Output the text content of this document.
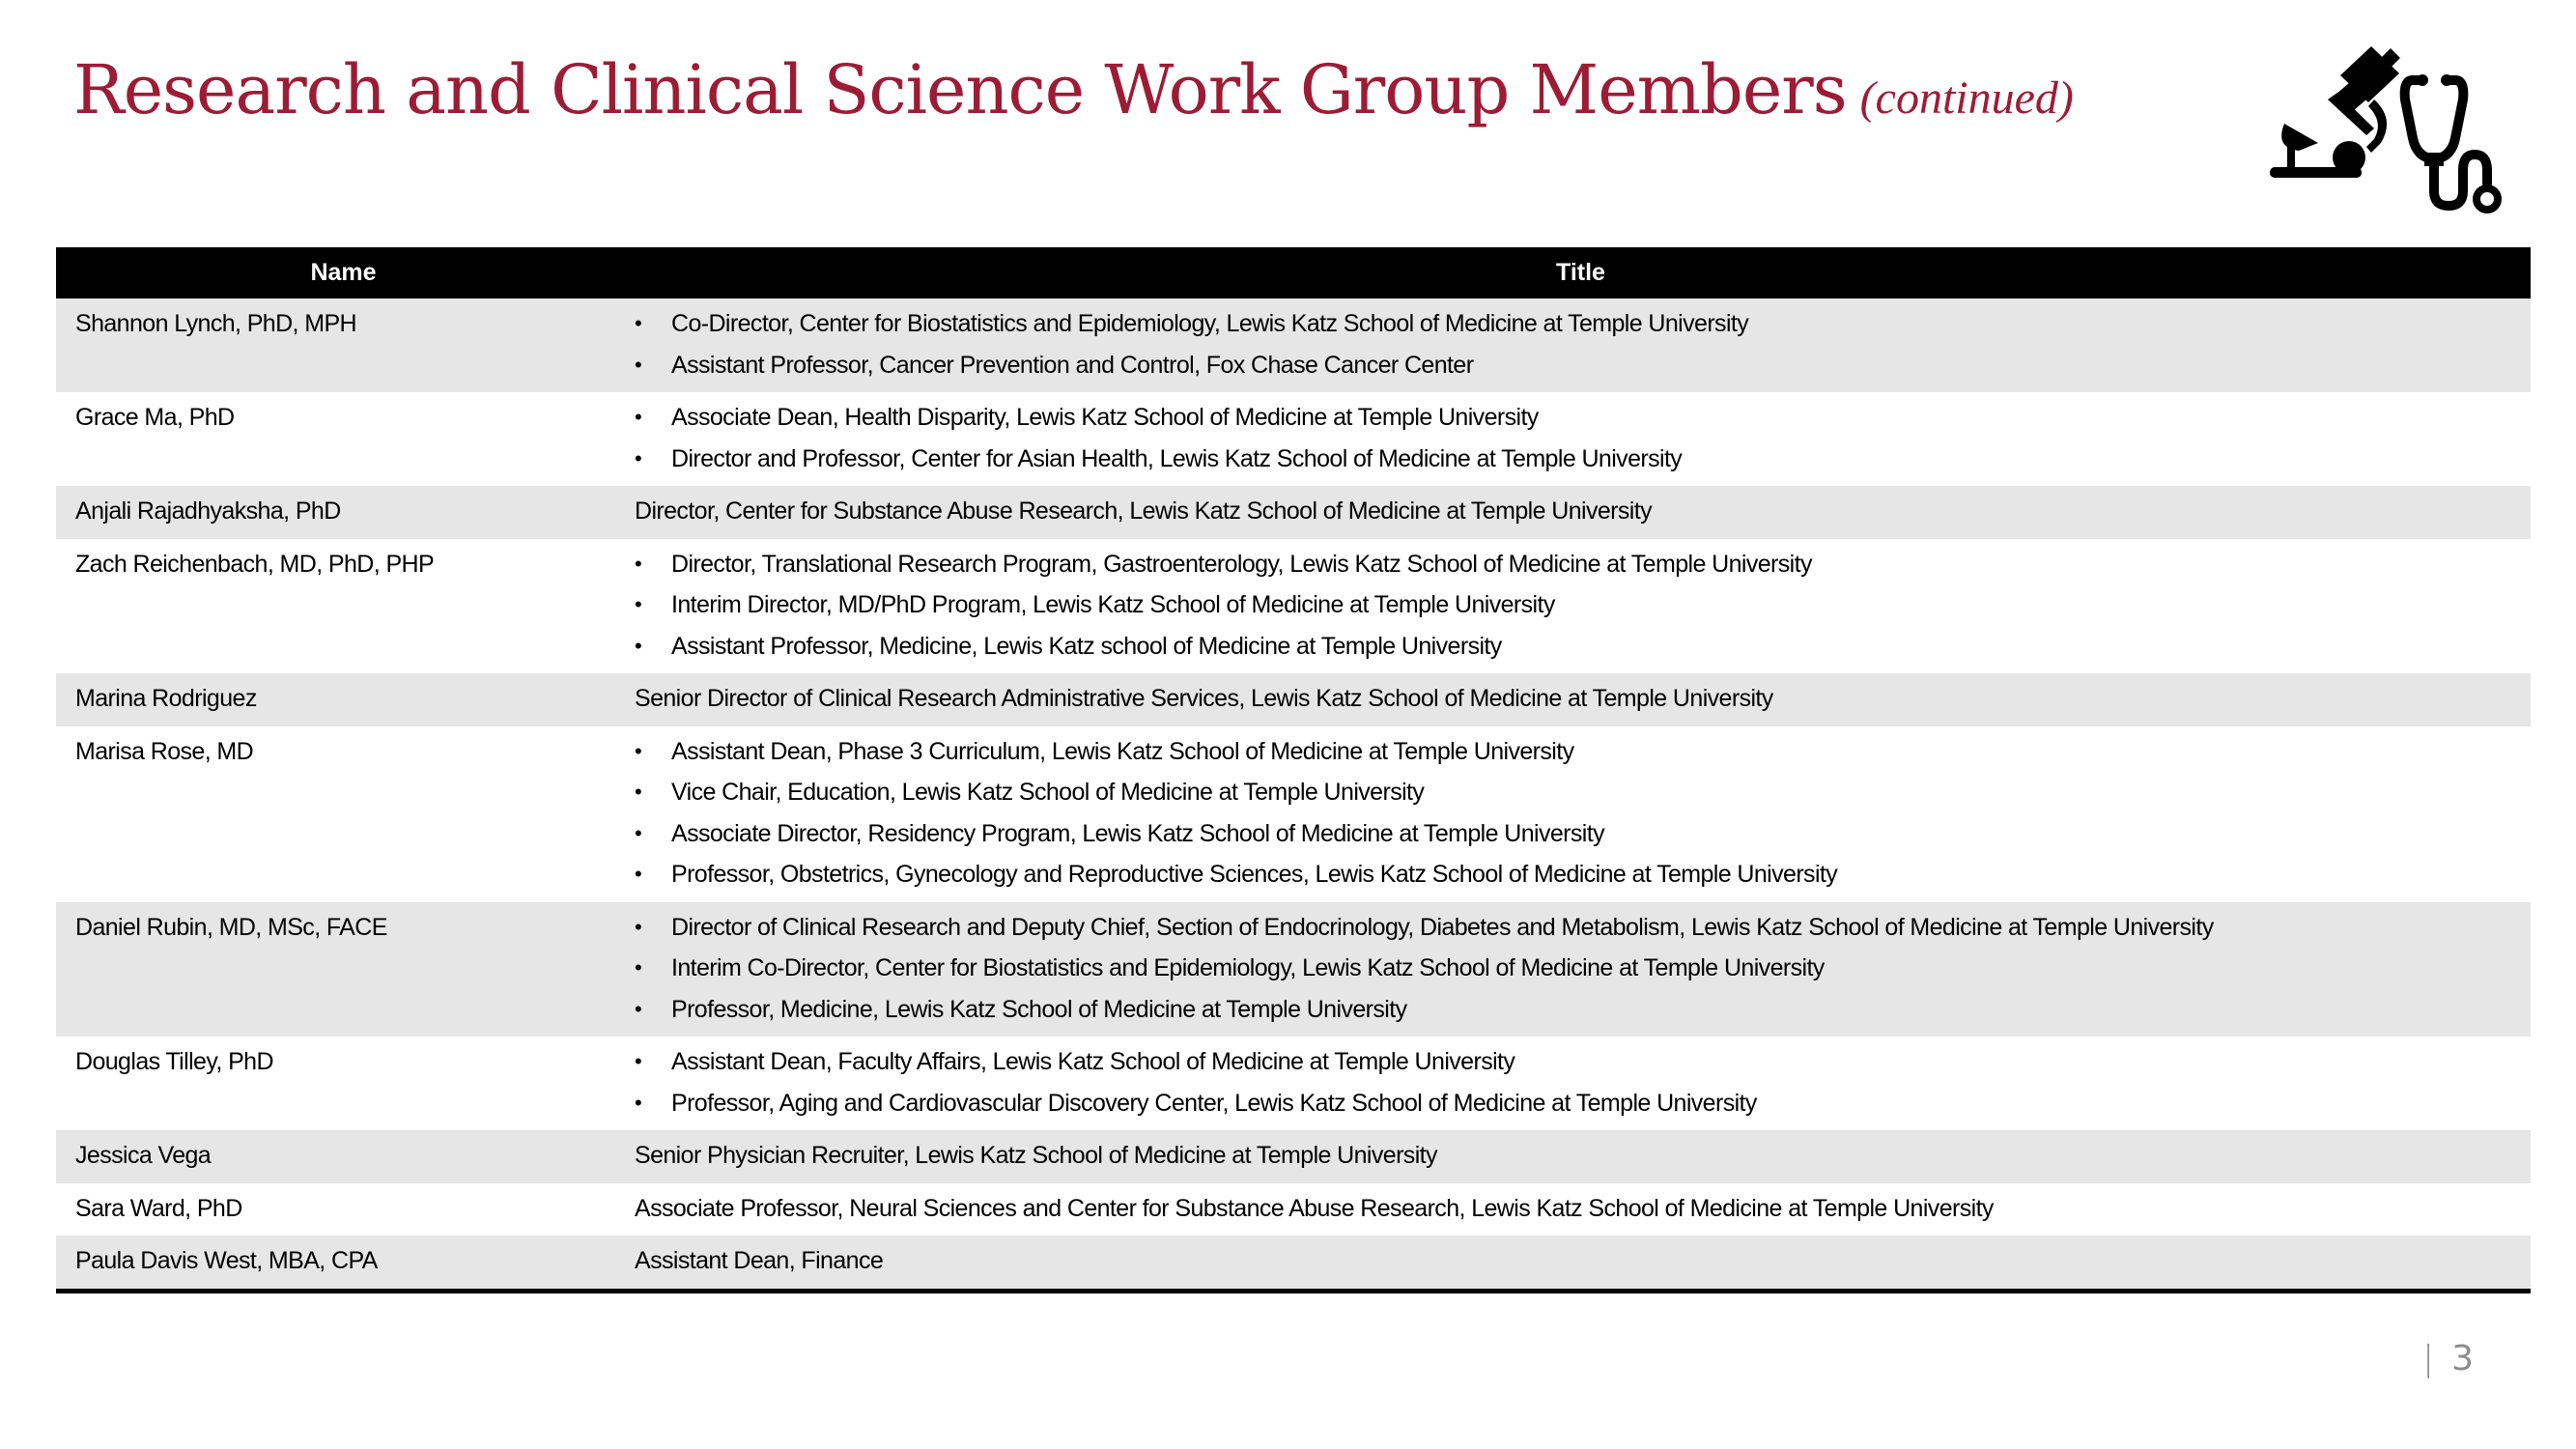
Research and Clinical Science Work Group Members (continued)
Name	Title
Shannon Lynch, PhD, MPH	
•Co-Director, Center for Biostatistics and Epidemiology, Lewis Katz School of Medicine at Temple University
• Assistant Professor, Cancer Prevention and Control, Fox Chase Cancer Center

Grace Ma, PhD	
•Associate Dean, Health Disparity, Lewis Katz School of Medicine at Temple University
• Director and Professor, Center for Asian Health, Lewis Katz School of Medicine at Temple University

Anjali Rajadhyaksha, PhD	Director, Center for Substance Abuse Research, Lewis Katz School of Medicine at Temple University
Zach Reichenbach, MD, PhD, PHP	
•Director, Translational Research Program, Gastroenterology, Lewis Katz School of Medicine at Temple University
• Interim Director, MD/PhD Program, Lewis Katz School of Medicine at Temple University
• Assistant Professor, Medicine, Lewis Katz school of Medicine at Temple University

Marina Rodriguez	Senior Director of Clinical Research Administrative Services, Lewis Katz School of Medicine at Temple University
Marisa Rose, MD	
•Assistant Dean, Phase 3 Curriculum, Lewis Katz School of Medicine at Temple University
• Vice Chair, Education, Lewis Katz School of Medicine at Temple University
• Associate Director, Residency Program, Lewis Katz School of Medicine at Temple University
• Professor, Obstetrics, Gynecology and Reproductive Sciences, Lewis Katz School of Medicine at Temple University

Daniel Rubin, MD, MSc, FACE	
•Director of Clinical Research and Deputy Chief, Section of Endocrinology, Diabetes and Metabolism, Lewis Katz School of Medicine at Temple University
• Interim Co-Director, Center for Biostatistics and Epidemiology, Lewis Katz School of Medicine at Temple University
• Professor, Medicine, Lewis Katz School of Medicine at Temple University

Douglas Tilley, PhD	
•Assistant Dean, Faculty Affairs, Lewis Katz School of Medicine at Temple University
• Professor, Aging and Cardiovascular Discovery Center, Lewis Katz School of Medicine at Temple University

Jessica Vega	Senior Physician Recruiter, Lewis Katz School of Medicine at Temple University
Sara Ward, PhD	Associate Professor, Neural Sciences and Center for Substance Abuse Research, Lewis Katz School of Medicine at Temple University
Paula Davis West, MBA, CPA	Assistant Dean, Finance
| 3
